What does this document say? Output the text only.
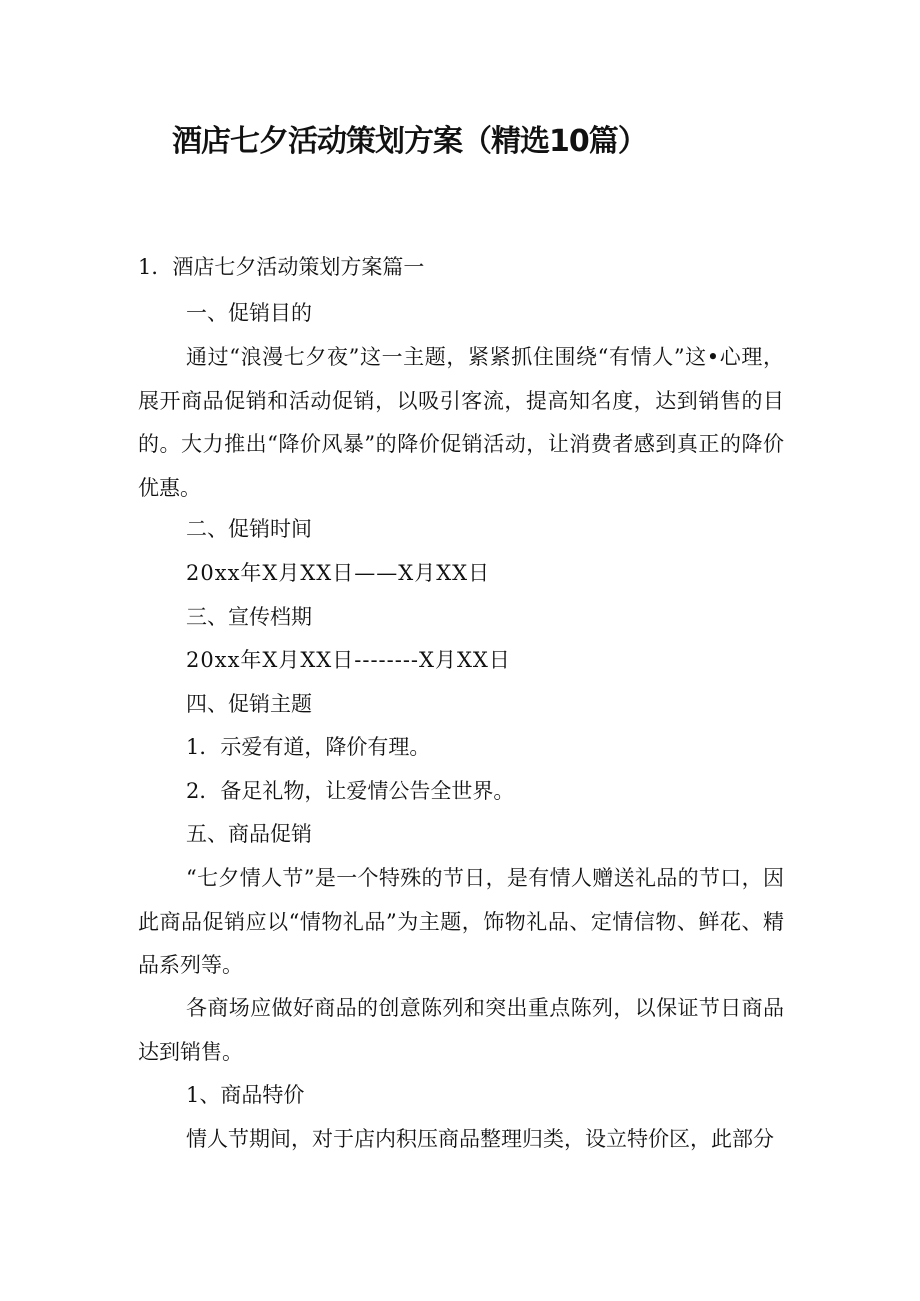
酒店七夕活动策划方案（精选10篇）
1．酒店七夕活动策划方案篇一
一、促销目的
通过“浪漫七夕夜”这一主题，紧紧抓住围绕“有情人”这•心理，展开商品促销和活动促销，以吸引客流，提高知名度，达到销售的目的。大力推出“降价风暴”的降价促销活动，让消费者感到真正的降价优惠。
二、促销时间
20xx年X月XX日——X月XX日
三、宣传档期
20xx年X月XX日--------X月XX日
四、促销主题
1．示爱有道，降价有理。
2．备足礼物，让爱情公告全世界。
五、商品促销
“七夕情人节”是一个特殊的节日，是有情人赠送礼品的节口，因此商品促销应以“情物礼品”为主题，饰物礼品、定情信物、鲜花、精品系列等。
各商场应做好商品的创意陈列和突出重点陈列，以保证节日商品达到销售。
1、商品特价
情人节期间，对于店内积压商品整理归类，设立特价区，此部分
